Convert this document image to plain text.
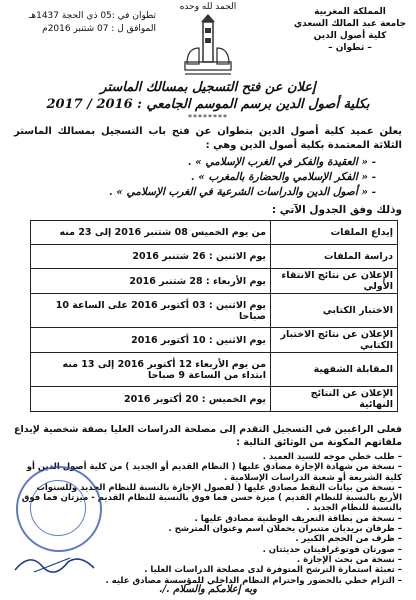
الحمد لله وحده	المملكة المغربية
جامعة عبد المالك السعدي
كلية أصول الدين
– تطوان –
تطوان في :05 ذي الحجة 1437هـ
الموافق ل : 07 شتنبر 2016م
إعلان عن فتح التسجيل بمسالك الماستر
بكلية أصول الدين برسم الموسم الجامعي : 2016 / 2017
********
يعلن عميد كلية أصول الدين بتطوان عن فتح باب التسجيل بمسالك الماستر الثلاثة المعتمدة بكلية أصول الدين وهي :
- « العقيدة والفكر في الغرب الإسلامي » .
- « الفكر الإسلامي والحضارة بالمغرب » .
- « أصول الدين والدراسات الشرعية في الغرب الإسلامي » .
وذلك وفق الجدول الآتي :
إيداع الملفات	من يوم الخميس 08 شتنبر 2016 إلى 23 منه
دراسة الملفات	يوم الاثنين : 26 شتنبر 2016
الإعلان عن نتائج الانتقاء الأولي	يوم الأربعاء : 28 شتنبر 2016
الاختبار الكتابي	يوم الاثنين : 03 أكتوبر 2016 على الساعة 10 صباحا
الإعلان عن نتائج الاختبار الكتابي	يوم الاثنين : 10 أكتوبر 2016
المقابلة الشفهية	من يوم الأربعاء 12 أكتوبر 2016 إلى 13 منه ابتداء من الساعة 9 صباحا
الإعلان عن النتائج النهائية	يوم الخميس : 20 أكتوبر 2016
فعلى الراغبين في التسجيل التقدم إلى مصلحة الدراسات العليا بصفة شخصية لإيداع ملفاتهم المكونة من الوثائق التالية :
– طلب خطي موجه للسيد العميد .
– نسخة من شهادة الإجازة مصادق عليها ( النظام القديم أو الجديد ) من كلية أصول الدين أو كلية الشريعة أو شعبة الدراسات الإسلامية .
– نسخة من بيانات النقط مصادق عليها ( لفصول الإجازة بالنسبة للنظام الجديد وللسنوات الأربع بالنسبة للنظام القديم ) ميزة حسن فما فوق بالنسبة للنظام القديم - ميزتان فما فوق بالنسبة للنظام الجديد .
– نسخة من بطاقة التعريف الوطنية مصادق عليها .
– ظرفان بريديان متنبران يحملان اسم وعنوان المترشح .
– ظرف من الحجم الكبير .
– صورتان فوتوغرافيتان حديثتان .
– نسخة من بحث الإجازة .
– تعبئة استمارة الترشح المتوفرة لدى مصلحة الدراسات العليا .
– التزام خطي بالحضور واحترام النظام الداخلي للمؤسسة مصادق عليه .
وبه إعلامكم والسلام ./.
